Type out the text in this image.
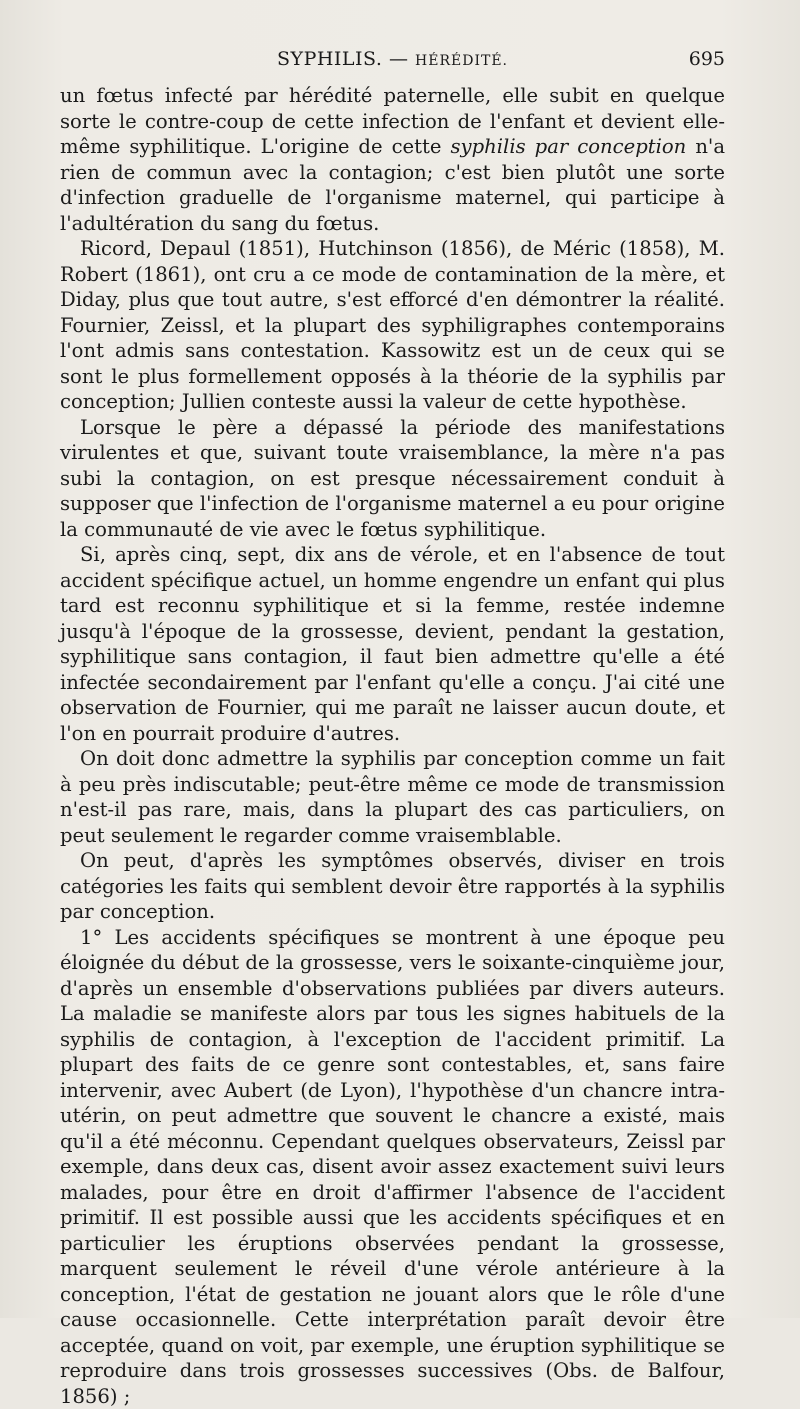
SYPHILIS. — HÉRÉDITÉ.	695

un fœtus infecté par hérédité paternelle, elle subit en quelque sorte le contre-coup de cette infection de l'enfant et devient elle-même syphilitique. L'origine de cette syphilis par conception n'a rien de commun avec la contagion; c'est bien plutôt une sorte d'infection graduelle de l'organisme maternel, qui participe à l'adultération du sang du fœtus.

Ricord, Depaul (1851), Hutchinson (1856), de Méric (1858), M. Robert (1861), ont cru a ce mode de contamination de la mère, et Diday, plus que tout autre, s'est efforcé d'en démontrer la réalité. Fournier, Zeissl, et la plupart des syphiligraphes contemporains l'ont admis sans contestation. Kassowitz est un de ceux qui se sont le plus formellement opposés à la théorie de la syphilis par conception; Jullien conteste aussi la valeur de cette hypothèse.

Lorsque le père a dépassé la période des manifestations virulentes et que, suivant toute vraisemblance, la mère n'a pas subi la contagion, on est presque nécessairement conduit à supposer que l'infection de l'organisme maternel a eu pour origine la communauté de vie avec le fœtus syphilitique.

Si, après cinq, sept, dix ans de vérole, et en l'absence de tout accident spécifique actuel, un homme engendre un enfant qui plus tard est reconnu syphilitique et si la femme, restée indemne jusqu'à l'époque de la grossesse, devient, pendant la gestation, syphilitique sans contagion, il faut bien admettre qu'elle a été infectée secondairement par l'enfant qu'elle a conçu. J'ai cité une observation de Fournier, qui me paraît ne laisser aucun doute, et l'on en pourrait produire d'autres.

On doit donc admettre la syphilis par conception comme un fait à peu près indiscutable; peut-être même ce mode de transmission n'est-il pas rare, mais, dans la plupart des cas particuliers, on peut seulement le regarder comme vraisemblable.

On peut, d'après les symptômes observés, diviser en trois catégories les faits qui semblent devoir être rapportés à la syphilis par conception.

1° Les accidents spécifiques se montrent à une époque peu éloignée du début de la grossesse, vers le soixante-cinquième jour, d'après un ensemble d'observations publiées par divers auteurs. La maladie se manifeste alors par tous les signes habituels de la syphilis de contagion, à l'exception de l'accident primitif. La plupart des faits de ce genre sont contestables, et, sans faire intervenir, avec Aubert (de Lyon), l'hypothèse d'un chancre intra-utérin, on peut admettre que souvent le chancre a existé, mais qu'il a été méconnu. Cependant quelques observateurs, Zeissl par exemple, dans deux cas, disent avoir assez exactement suivi leurs malades, pour être en droit d'affirmer l'absence de l'accident primitif. Il est possible aussi que les accidents spécifiques et en particulier les éruptions observées pendant la grossesse, marquent seulement le réveil d'une vérole antérieure à la conception, l'état de gestation ne jouant alors que le rôle d'une cause occasionnelle. Cette interprétation paraît devoir être acceptée, quand on voit, par exemple, une éruption syphilitique se reproduire dans trois grossesses successives (Obs. de Balfour, 1856) ;
